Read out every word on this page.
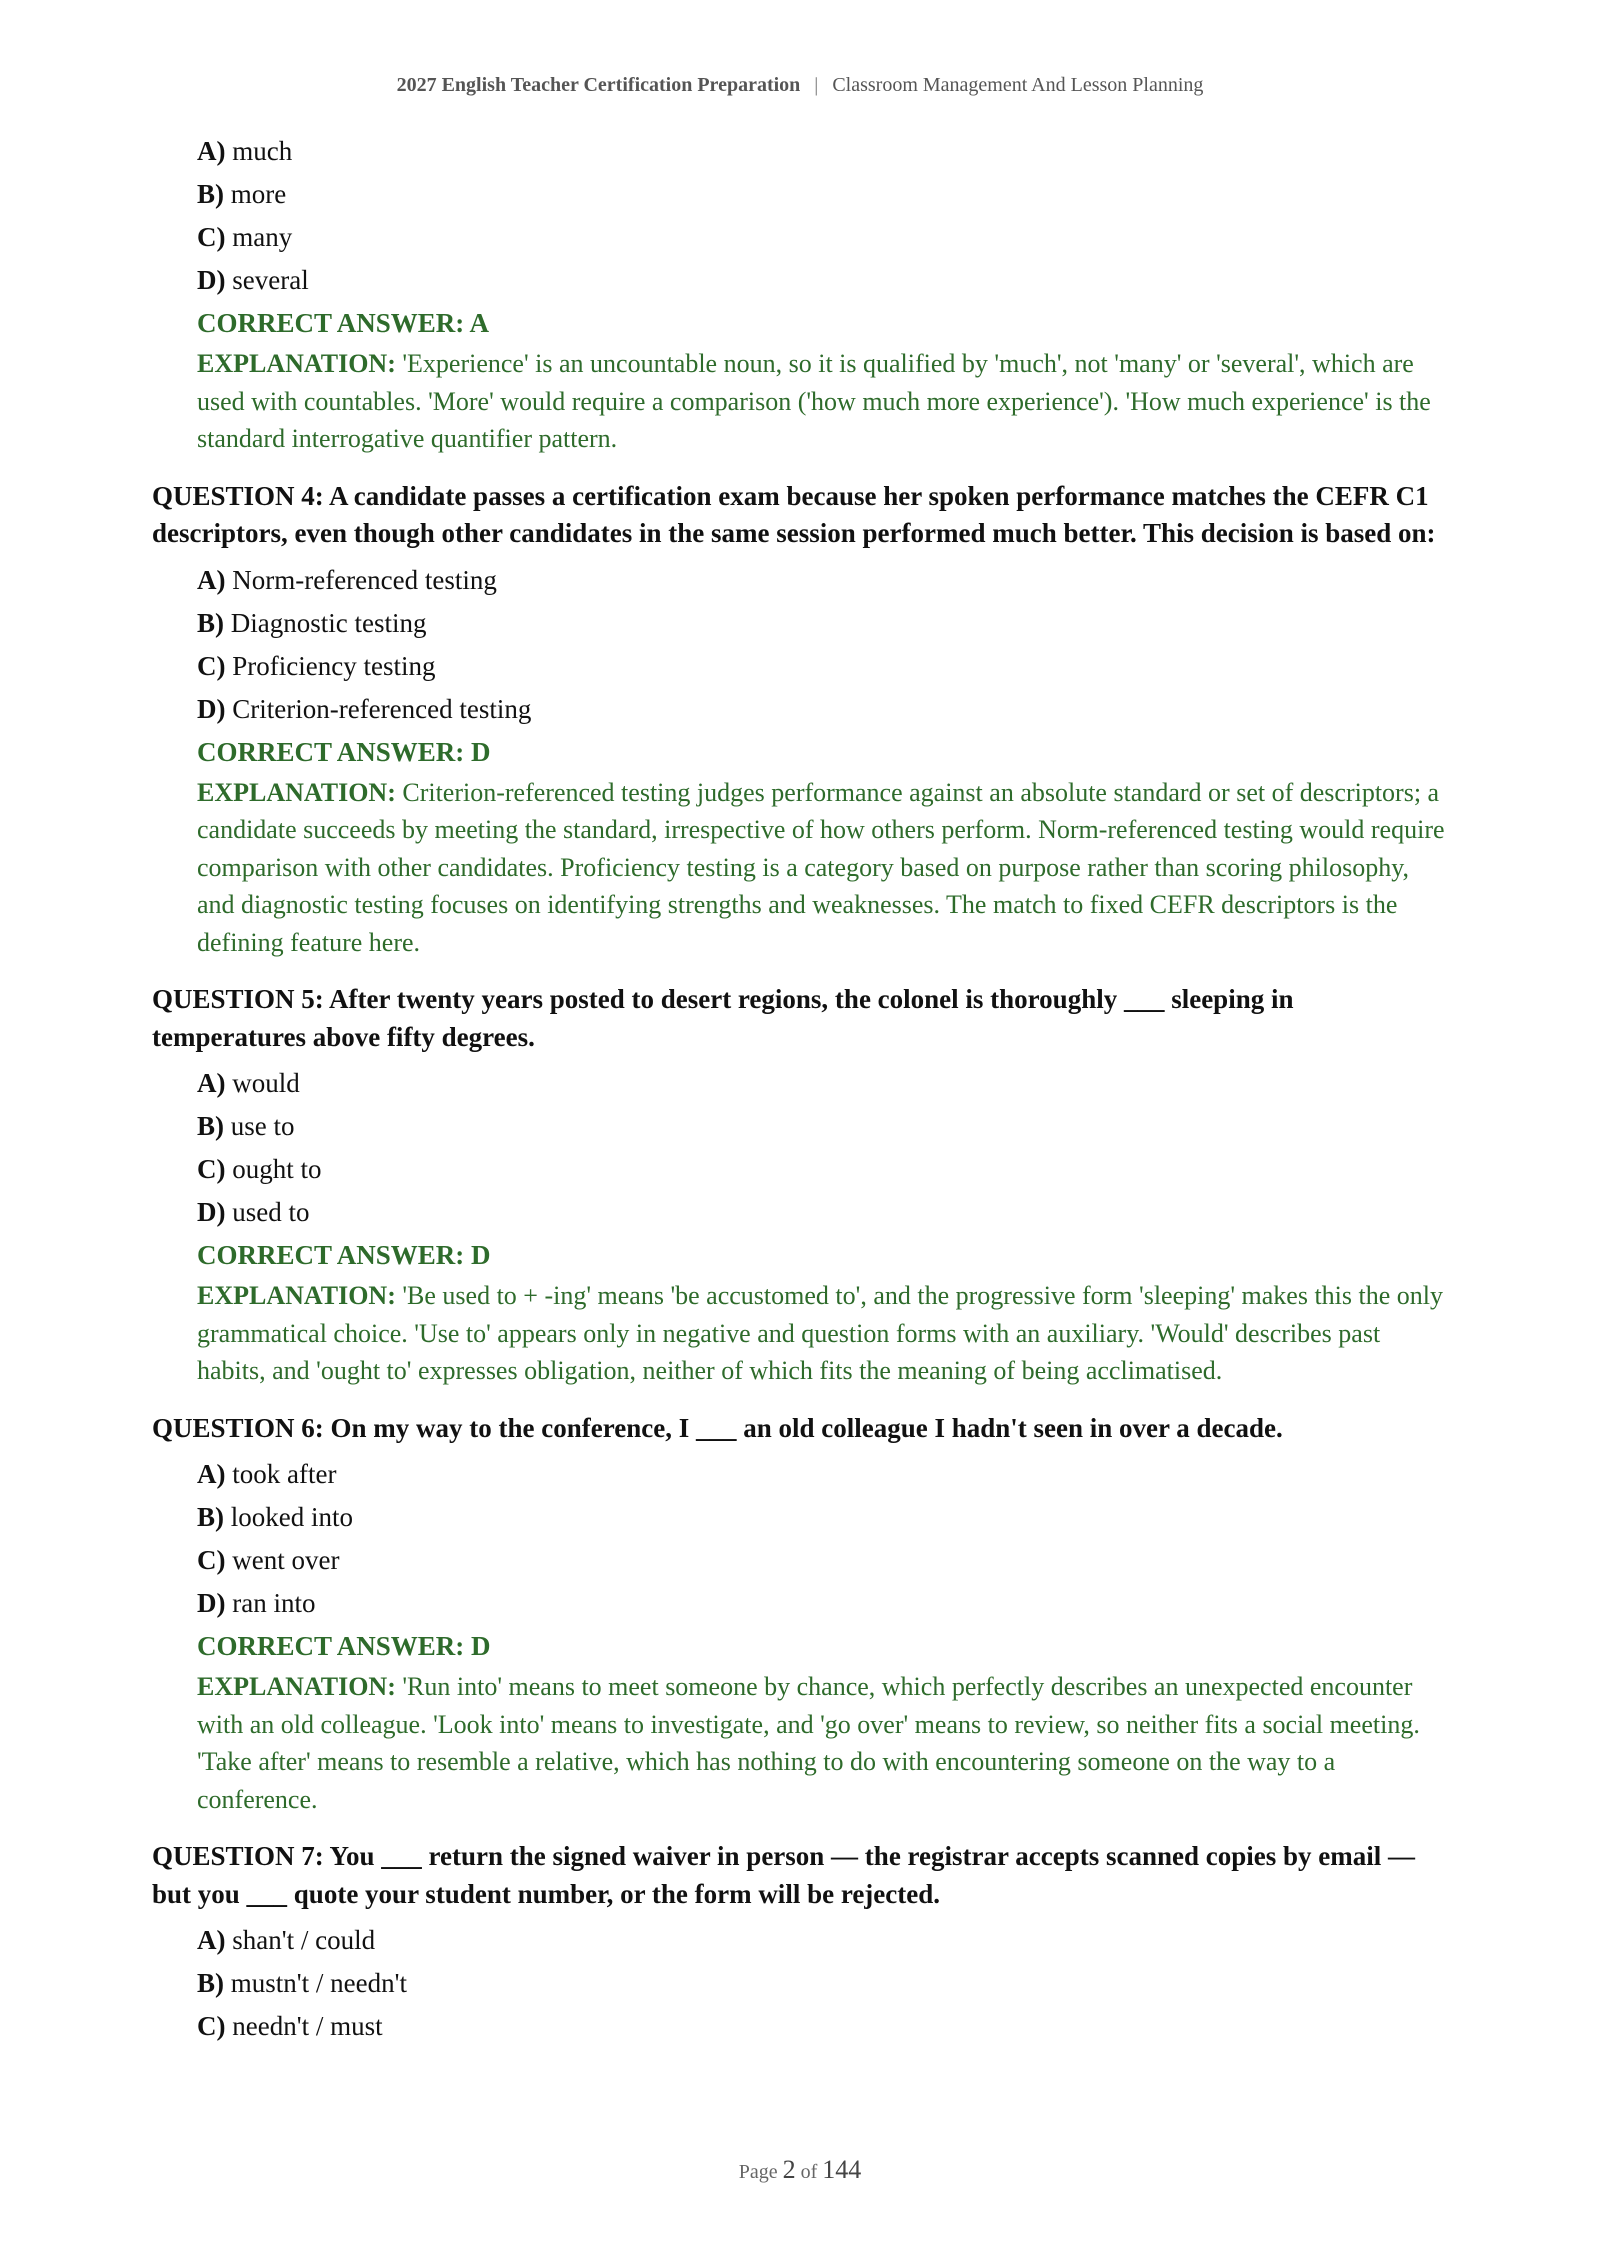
2027 English Teacher Certification Preparation | Classroom Management And Lesson Planning
A) much
B) more
C) many
D) several
CORRECT ANSWER: A
EXPLANATION: 'Experience' is an uncountable noun, so it is qualified by 'much', not 'many' or 'several', which are used with countables. 'More' would require a comparison ('how much more experience'). 'How much experience' is the standard interrogative quantifier pattern.
QUESTION 4: A candidate passes a certification exam because her spoken performance matches the CEFR C1 descriptors, even though other candidates in the same session performed much better. This decision is based on:
A) Norm-referenced testing
B) Diagnostic testing
C) Proficiency testing
D) Criterion-referenced testing
CORRECT ANSWER: D
EXPLANATION: Criterion-referenced testing judges performance against an absolute standard or set of descriptors; a candidate succeeds by meeting the standard, irrespective of how others perform. Norm-referenced testing would require comparison with other candidates. Proficiency testing is a category based on purpose rather than scoring philosophy, and diagnostic testing focuses on identifying strengths and weaknesses. The match to fixed CEFR descriptors is the defining feature here.
QUESTION 5: After twenty years posted to desert regions, the colonel is thoroughly ___ sleeping in temperatures above fifty degrees.
A) would
B) use to
C) ought to
D) used to
CORRECT ANSWER: D
EXPLANATION: 'Be used to + -ing' means 'be accustomed to', and the progressive form 'sleeping' makes this the only grammatical choice. 'Use to' appears only in negative and question forms with an auxiliary. 'Would' describes past habits, and 'ought to' expresses obligation, neither of which fits the meaning of being acclimatised.
QUESTION 6: On my way to the conference, I ___ an old colleague I hadn't seen in over a decade.
A) took after
B) looked into
C) went over
D) ran into
CORRECT ANSWER: D
EXPLANATION: 'Run into' means to meet someone by chance, which perfectly describes an unexpected encounter with an old colleague. 'Look into' means to investigate, and 'go over' means to review, so neither fits a social meeting. 'Take after' means to resemble a relative, which has nothing to do with encountering someone on the way to a conference.
QUESTION 7: You ___ return the signed waiver in person — the registrar accepts scanned copies by email — but you ___ quote your student number, or the form will be rejected.
A) shan't / could
B) mustn't / needn't
C) needn't / must
Page 2 of 144
